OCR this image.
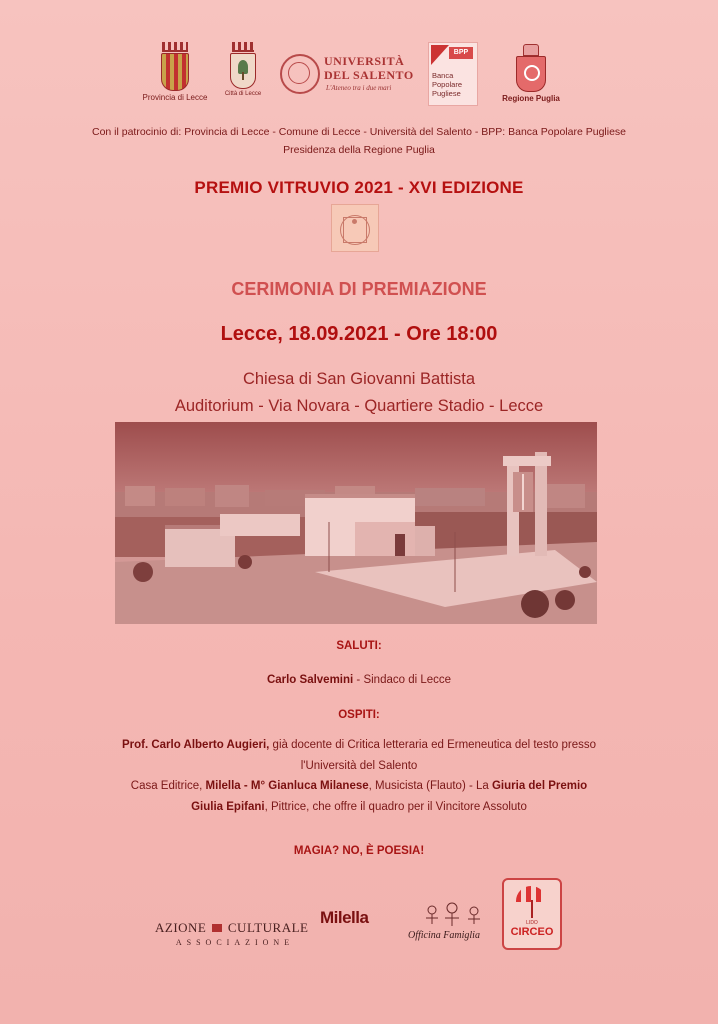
Provincia di Lecce	Città di Lecce
UNIVERSITÀ
DEL SALENTO
L'Ateneo tra i due mari
BPP
Banca
Popolare
Pugliese
Regione Puglia
Con il patrocinio di: Provincia di Lecce - Comune di Lecce - Università del Salento - BPP: Banca Popolare Pugliese
Presidenza della Regione Puglia
PREMIO VITRUVIO 2021 - XVI EDIZIONE
CERIMONIA DI PREMIAZIONE
Lecce, 18.09.2021 - Ore 18:00
Chiesa di San Giovanni Battista
Auditorium - Via Novara - Quartiere Stadio - Lecce
SALUTI:
Carlo Salvemini - Sindaco di Lecce
OSPITI:
Prof. Carlo Alberto Augieri, già docente di Critica letteraria ed Ermeneutica del testo presso
l'Università del Salento
Casa Editrice, Milella - M° Gianluca Milanese, Musicista (Flauto) - La Giuria del Premio
Giulia Epifani, Pittrice, che offre il quadro per il Vincitore Assoluto
MAGIA? NO, È POESIA!
AZIONE CULTURALE
ASSOCIAZIONE
Milella
Officina Famiglia
LIDO
CIRCEO
